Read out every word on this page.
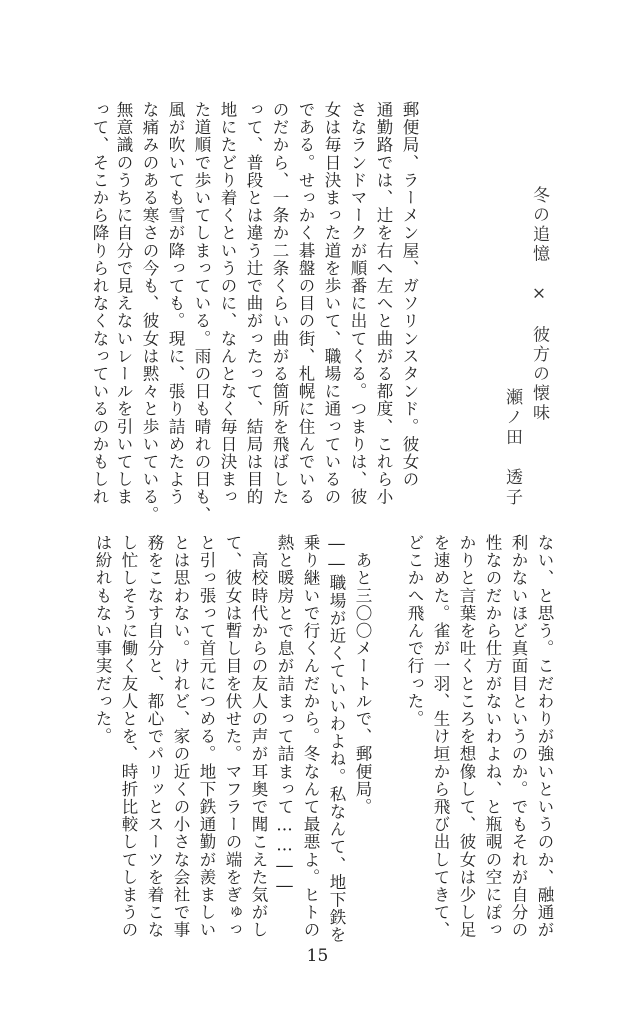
冬の追憶　×　彼方の懐味
瀬ノ田　透子
郵便局、ラーメン屋、ガソリンスタンド。彼女の
通勤路では、辻を右へ左へと曲がる都度、これら小
さなランドマークが順番に出てくる。つまりは、彼
女は毎日決まった道を歩いて、職場に通っているの
である。せっかく碁盤の目の街、札幌に住んでいる
のだから、一条か二条くらい曲がる箇所を飛ばした
って、普段とは違う辻で曲がったって、結局は目的
地にたどり着くというのに、なんとなく毎日決まっ
た道順で歩いてしまっている。雨の日も晴れの日も、
風が吹いても雪が降っても。現に、張り詰めたよう
な痛みのある寒さの今も、彼女は黙々と歩いている。
無意識のうちに自分で見えないレールを引いてしま
って、そこから降りられなくなっているのかもしれ
ない、と思う。こだわりが強いというのか、融通が
利かないほど真面目というのか。でもそれが自分の
性なのだから仕方がないわよね、と瓶覗の空にぽっ
かりと言葉を吐くところを想像して、彼女は少し足
を速めた。雀が一羽、生け垣から飛び出してきて、
どこかへ飛んで行った。
　あと三〇〇メートルで、郵便局。
――職場が近くていいわよね。私なんて、地下鉄を
乗り継いで行くんだから。冬なんて最悪よ。ヒトの
熱と暖房とで息が詰まって詰まって……――
　高校時代からの友人の声が耳奥で聞こえた気がし
て、彼女は暫し目を伏せた。マフラーの端をぎゅっ
と引っ張って首元につめる。地下鉄通勤が羨ましい
とは思わない。けれど、家の近くの小さな会社で事
務をこなす自分と、都心でパリッとスーツを着こな
し忙しそうに働く友人とを、時折比較してしまうの
は紛れもない事実だった。
15
